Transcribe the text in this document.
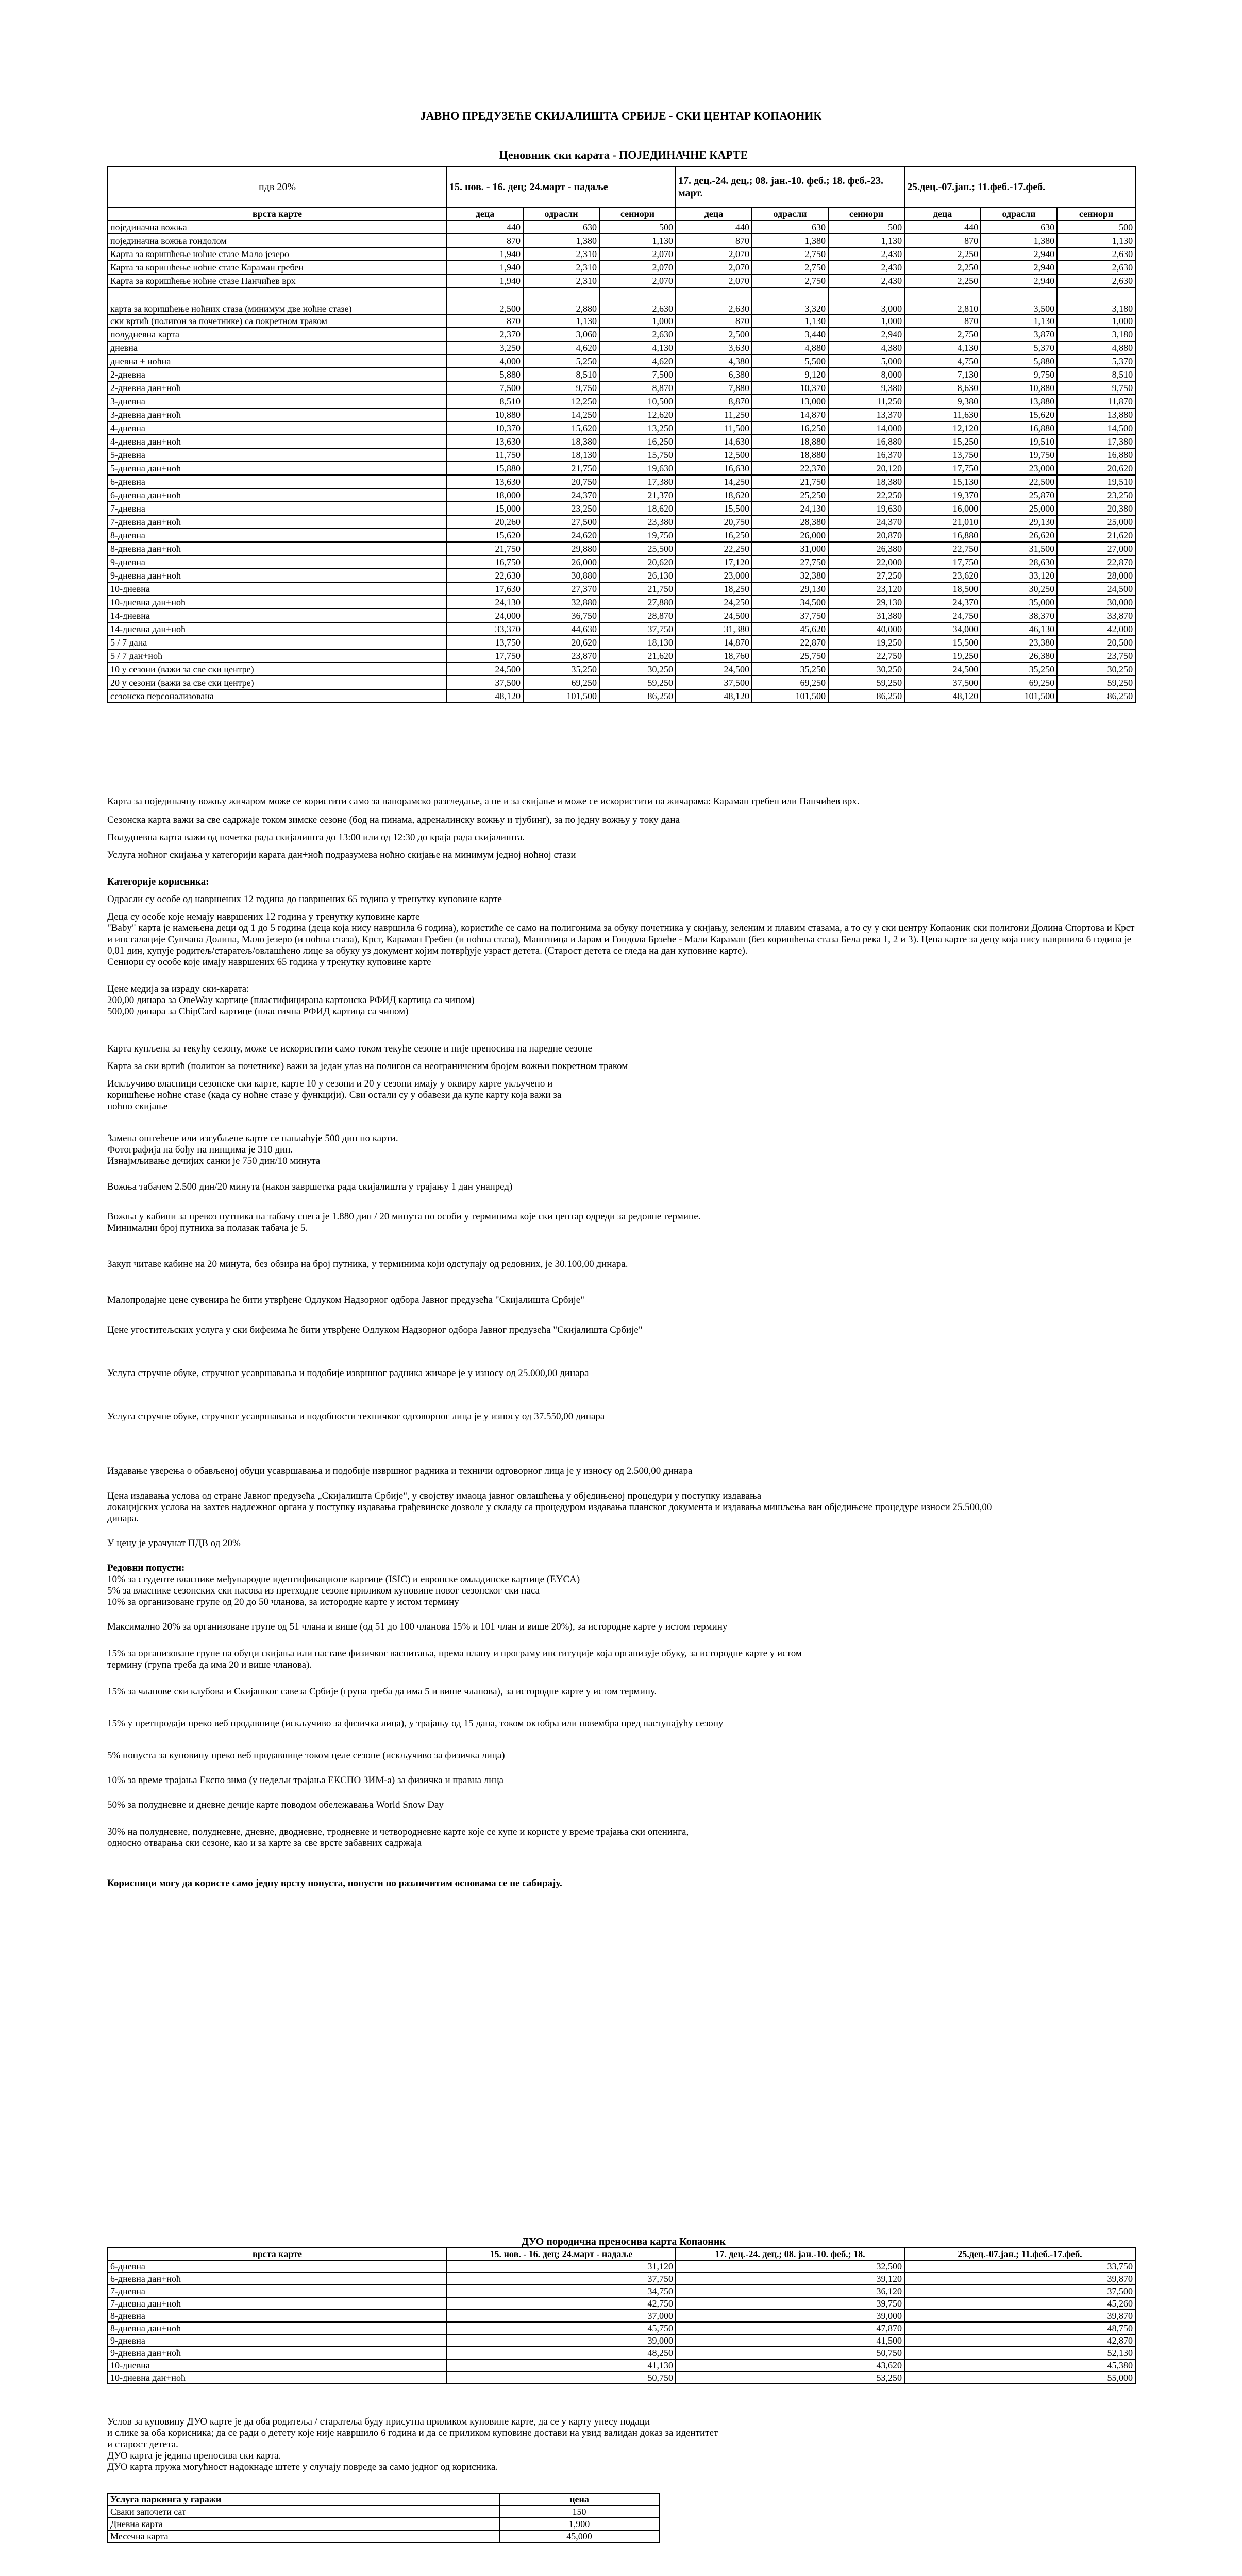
ЈАВНО ПРЕДУЗЕЋЕ СКИЈАЛИШТА СРБИЈЕ - СКИ ЦЕНТАР КОПАОНИК
Ценовник ски карата - ПОЈЕДИНАЧНЕ КАРТЕ
пдв 20%	15. нов. - 16. дец; 24.март - надаље			17. дец.-24. дец.; 08. јан.-10. феб.; 18. феб.-23. март.			25.дец.-07.јан.; 11.феб.-17.феб.		
врста карте	деца	одрасли	сениори	деца	одрасли	сениори	деца	одрасли	сениори
појединачна вожња	440	630	500	440	630	500	440	630	500
појединачна вожња гондолом	870	1,380	1,130	870	1,380	1,130	870	1,380	1,130
Карта за коришћење ноћне стазе Мало језеро	1,940	2,310	2,070	2,070	2,750	2,430	2,250	2,940	2,630
Карта за коришћење ноћне стазе Караман гребен	1,940	2,310	2,070	2,070	2,750	2,430	2,250	2,940	2,630
Карта за коришћење ноћне стазе Панчићев врх	1,940	2,310	2,070	2,070	2,750	2,430	2,250	2,940	2,630
карта за коришћење ноћних стаза (минимум две ноћне стазе)	2,500	2,880	2,630	2,630	3,320	3,000	2,810	3,500	3,180
ски вртић (полигон за почетнике) са покретном траком	870	1,130	1,000	870	1,130	1,000	870	1,130	1,000
полудневна карта	2,370	3,060	2,630	2,500	3,440	2,940	2,750	3,870	3,180
дневна	3,250	4,620	4,130	3,630	4,880	4,380	4,130	5,370	4,880
дневна + ноћна	4,000	5,250	4,620	4,380	5,500	5,000	4,750	5,880	5,370
2-дневна	5,880	8,510	7,500	6,380	9,120	8,000	7,130	9,750	8,510
2-дневна дан+ноћ	7,500	9,750	8,870	7,880	10,370	9,380	8,630	10,880	9,750
3-дневна	8,510	12,250	10,500	8,870	13,000	11,250	9,380	13,880	11,870
3-дневна дан+ноћ	10,880	14,250	12,620	11,250	14,870	13,370	11,630	15,620	13,880
4-дневна	10,370	15,620	13,250	11,500	16,250	14,000	12,120	16,880	14,500
4-дневна дан+ноћ	13,630	18,380	16,250	14,630	18,880	16,880	15,250	19,510	17,380
5-дневна	11,750	18,130	15,750	12,500	18,880	16,370	13,750	19,750	16,880
5-дневна дан+ноћ	15,880	21,750	19,630	16,630	22,370	20,120	17,750	23,000	20,620
6-дневна	13,630	20,750	17,380	14,250	21,750	18,380	15,130	22,500	19,510
6-дневна дан+ноћ	18,000	24,370	21,370	18,620	25,250	22,250	19,370	25,870	23,250
7-дневна	15,000	23,250	18,620	15,500	24,130	19,630	16,000	25,000	20,380
7-дневна дан+ноћ	20,260	27,500	23,380	20,750	28,380	24,370	21,010	29,130	25,000
8-дневна	15,620	24,620	19,750	16,250	26,000	20,870	16,880	26,620	21,620
8-дневна дан+ноћ	21,750	29,880	25,500	22,250	31,000	26,380	22,750	31,500	27,000
9-дневна	16,750	26,000	20,620	17,120	27,750	22,000	17,750	28,630	22,870
9-дневна дан+ноћ	22,630	30,880	26,130	23,000	32,380	27,250	23,620	33,120	28,000
10-дневна	17,630	27,370	21,750	18,250	29,130	23,120	18,500	30,250	24,500
10-дневна дан+ноћ	24,130	32,880	27,880	24,250	34,500	29,130	24,370	35,000	30,000
14-дневна	24,000	36,750	28,870	24,500	37,750	31,380	24,750	38,370	33,870
14-дневна дан+ноћ	33,370	44,630	37,750	31,380	45,620	40,000	34,000	46,130	42,000
5 / 7 дана	13,750	20,620	18,130	14,870	22,870	19,250	15,500	23,380	20,500
5 / 7 дан+ноћ	17,750	23,870	21,620	18,760	25,750	22,750	19,250	26,380	23,750
10 у сезони (важи за све ски центре)	24,500	35,250	30,250	24,500	35,250	30,250	24,500	35,250	30,250
20 у сезони (важи за све ски центре)	37,500	69,250	59,250	37,500	69,250	59,250	37,500	69,250	59,250
сезонска персонализована	48,120	101,500	86,250	48,120	101,500	86,250	48,120	101,500	86,250

Карта за појединачну вожњу жичаром може се користити само за панорамско разгледање, а не и за скијање и може се искористити на жичарама: Караман гребен или Панчићев врх.

Сезонска карта важи за све садржаје током зимске сезоне (бод на пинама, адреналинску вожњу и тјубинг), за по једну вожњу у току дана

Полудневна карта важи од почетка рада скијалишта до 13:00 или од 12:30 до краја рада скијалишта.

Услуга ноћног скијања у категорији карата дан+ноћ подразумева ноћно скијање на минимум једној ноћној стази

Категорије корисника:

Одрасли су особе од навршених 12 година до навршених 65 година у тренутку куповине карте

Деца су особе које немају навршених 12 година у тренутку куповине карте

"Baby" карта је намењена деци од 1 до 5 година (деца која нису навршила 6 година), користиће се само на полигонима за обуку почетника у скијању, зеленим и плавим стазама, а то су у ски центру Копаоник ски полигони Долина Спортова и Крст и инсталације Сунчана Долина, Мало језеро (и ноћна стаза), Крст, Караман Гребен (и ноћна стаза), Маштница и Јарам и Гондола Брзеће - Мали Караман (без коришћења стаза Бела река 1, 2 и 3). Цена карте за децу која нису навршила 6 година је 0,01 дин, купује родитељ/старатељ/овлашћено лице за обуку уз документ којим потврђује узраст детета. (Старост детета се гледа на дан куповине карте).

Сениори су особе које имају навршених 65 година у тренутку куповине карте

Цене медија за израду ски-карата:

200,00 динара за OneWay картице (пластифицирана картонска РФИД картица са чипом)

500,00 динара за ChipCard картице (пластична РФИД картица са чипом)

Карта купљена за текућу сезону, може се искористити само током текуће сезоне и није преносива на наредне сезоне

Карта за ски вртић (полигон за почетнике) важи за један улаз на полигон са неограниченим бројем вожњи покретном траком

Искључиво власници сезонске ски карте, карте 10 у сезони и 20 у сезони имају у оквиру карте укључено и

коришћење ноћне стазе (када су ноћне стазе у функцији). Сви остали су у обавези да купе карту која важи за

ноћно скијање

Замена оштећене или изгубљене карте се наплаћује 500 дин по карти.

Фотографија на бођу на пинцима је 310 дин.

Изнајмљивање дечијих санки је 750 дин/10 минута

Вожња табачем 2.500 дин/20 минута (након завршетка рада скијалишта у трајању 1 дан унапред)

Вожња у кабини за превоз путника на табачу снега је 1.880 дин / 20 минута по особи у терминима које ски центар одреди за редовне термине.

Минимални број путника за полазак табача је 5.

Закуп читаве кабине на 20 минута, без обзира на број путника, у терминима који одступају од редовних, је 30.100,00 динара.

Малопродајне цене сувенира ће бити утврђене Одлуком Надзорног одбора Јавног предузећа "Скијалишта Србије"

Цене угоститељских услуга у ски бифеима ће бити утврђене Одлуком Надзорног одбора Јавног предузећа "Скијалишта Србије"

Услуга стручне обуке, стручног усавршавања и подобије извршног радника жичаре је у износу од 25.000,00 динара

Услуга стручне обуке, стручног усавршавања и подобности техничког одговорног лица је у износу од 37.550,00 динара

Издавање уверења о обављеној обуци усавршавања и подобије извршног радника и техничи одговорног лица је у износу од 2.500,00 динара

Цена издавања услова од стране Јавног предузећа „Скијалишта Србије", у својству имаоца јавног овлашћења у обједињеној процедури у поступку издавања

локацијских услова на захтев надлежног органа у поступку издавања грађевинске дозволе у складу са процедуром издавања планског документа и издавања мишљења ван обједињене процедуре износи 25.500,00

динара.

У цену је урачунат ПДВ од 20%

Редовни попусти:

10% за студенте власнике међународне идентификационе картице (ISIC) и европске омладинске картице (EYCA)

5% за власнике сезонских ски пасова из претходне сезоне приликом куповине новог сезонског ски паса

10% за организоване групе од 20 до 50 чланова, за истородне карте у истом термину

Максимално 20% за организоване групе од 51 члана и више (од 51 до 100 чланова 15% и 101 члан и више 20%), за истородне карте у истом термину

15% за организоване групе на обуци скијања или наставе физичког васпитања, према плану и програму институције која организује обуку, за истородне карте у истом

термину (група треба да има 20 и више чланова).

15% за чланове ски клубова и Скијашког савеза Србије (група треба да има 5 и више чланова), за истородне карте у истом термину.

15% у претпродаји преко веб продавнице (искључиво за физичка лица), у трајању од 15 дана, током октобра или новембра пред наступајућу сезону

5% попуста за куповину преко веб продавнице током целе сезоне (искључиво за физичка лица)

10% за време трајања Експо зима (у недељи трајања ЕКСПО ЗИМ-а) за физичка и правна лица

50% за полудневне и дневне дечије карте поводом обележавања World Snow Day

30% на полудневне, полудневне, дневне, дводневне, тродневне и четвородневне карте које се купе и користе у време трајања ски опенинга,

односно отварања ски сезоне, као и за карте за све врсте забавних садржаја

Корисници могу да користе само једну врсту попуста, попусти по различитим основама се не сабирају.

ДУО породична преносива карта Копаоник
врста карте	15. нов. - 16. дец; 24.март - надаље	17. дец.-24. дец.; 08. јан.-10. феб.; 18.	25.дец.-07.јан.; 11.феб.-17.феб.
6-дневна	31,120	32,500	33,750
6-дневна дан+ноћ	37,750	39,120	39,870
7-дневна	34,750	36,120	37,500
7-дневна дан+ноћ	42,750	39,750	45,260
8-дневна	37,000	39,000	39,870
8-дневна дан+ноћ	45,750	47,870	48,750
9-дневна	39,000	41,500	42,870
9-дневна дан+ноћ	48,250	50,750	52,130
10-дневна	41,130	43,620	45,380
10-дневна дан+ноћ	50,750	53,250	55,000

Услов за куповину ДУО карте је да оба родитеља / старатеља буду присутна приликом куповине карте, да се у карту унесу подаци

и слике за оба корисника; да се ради о детету које није навршило 6 година и да се приликом куповине достави на увид валидан доказ за идентитет

и старост детета.

ДУО карта је једина преносива ски карта.

ДУО карта пружа могућност надокнаде штете у случају повреде за само једног од корисника.

Услуга паркинга у гаражи	цена
Сваки започети сат	150
Дневна карта	1,900
Месечна карта	45,000
